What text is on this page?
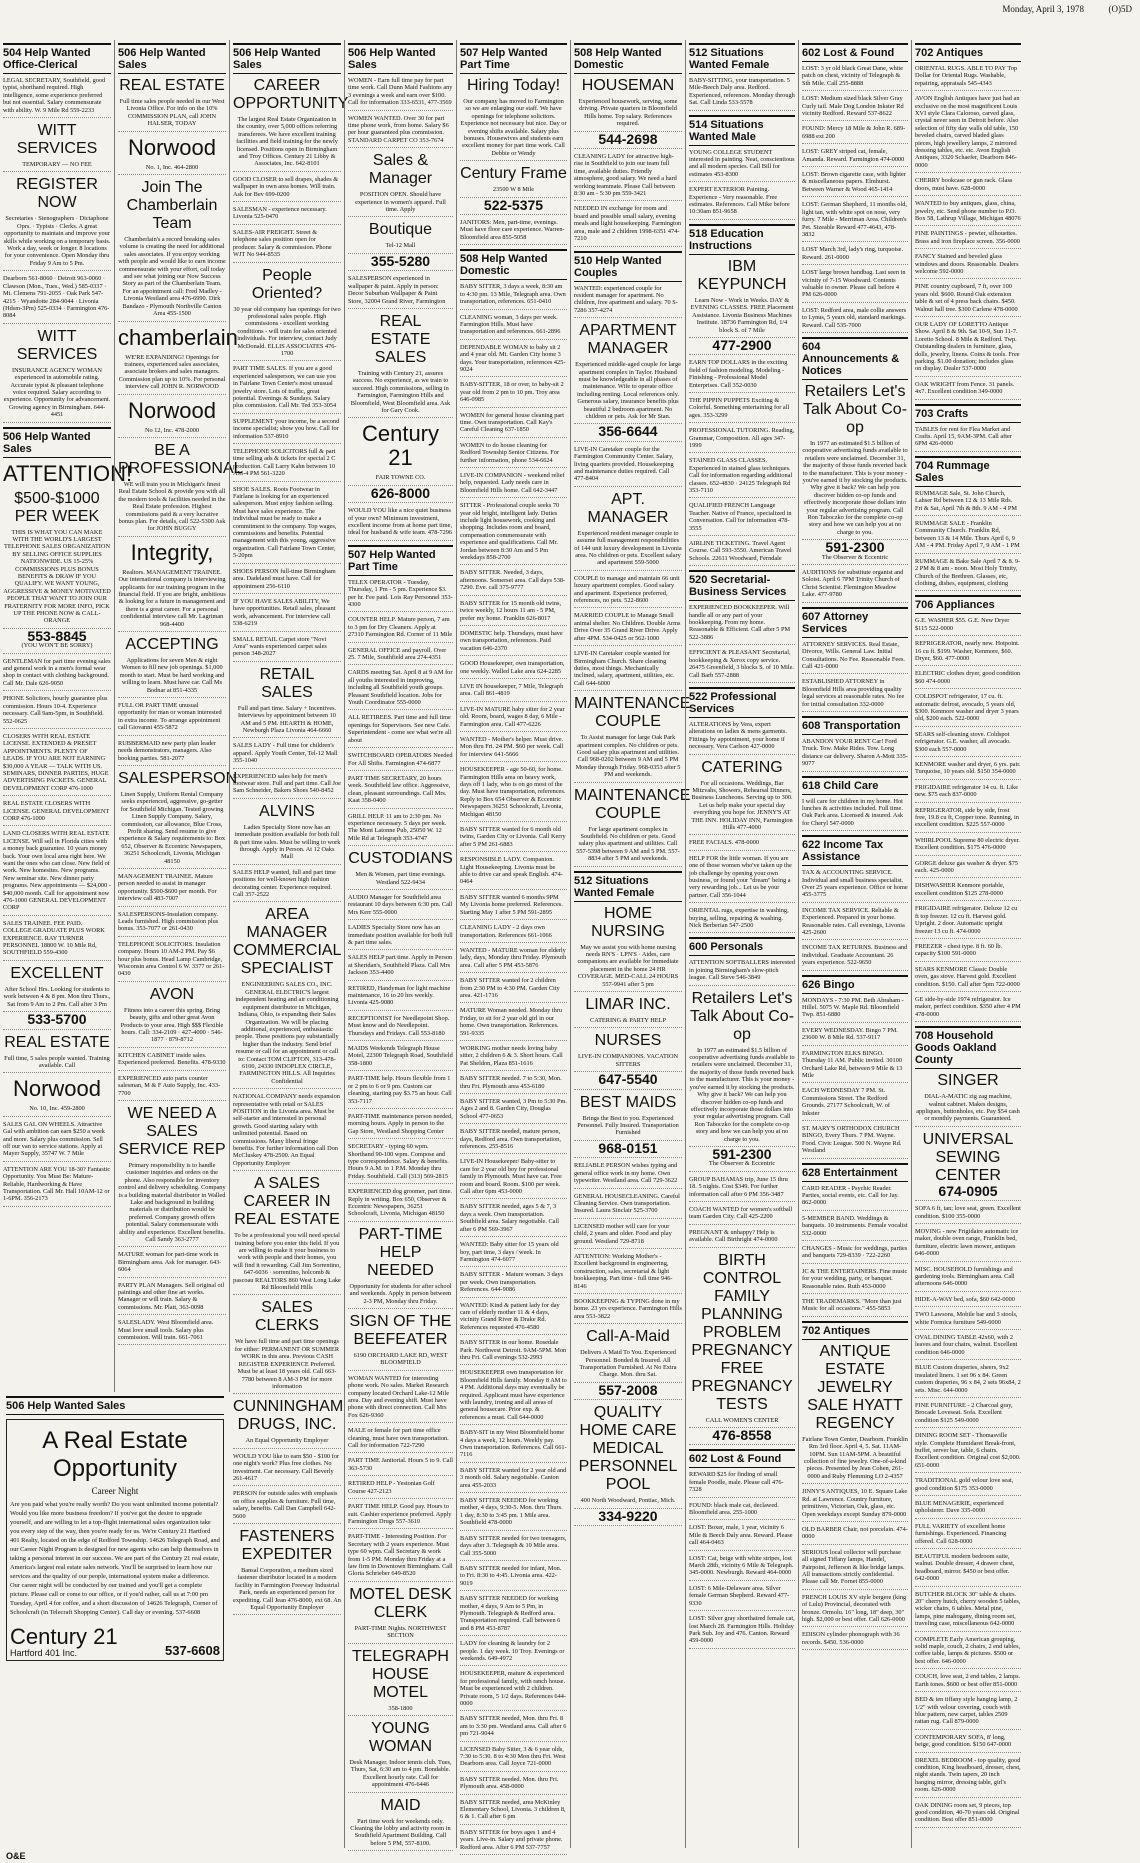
Monday, April 3, 1978	(O)5D
504 Help Wanted Office-Clerical
LEGAL SECRETARY, Southfield, good typist, shorthand required. High intelligence, some experience preferred but not essential. Salary commensurate with ability. W. 9 Mile Rd 559-2233
WITT SERVICES
TEMPORARY — NO FEE
REGISTER NOW
Secretaries · Stenographers · Dictaphone Oprs. · Typists · Clerks. A great opportunity to maintain and improve your skills while working on a temporary basis. Work a day, week or longer. 8 locations for your convenience. Open Monday thru Friday 9 Am to 5 Pm.
Dearborn 561-8060 · Detroit 963-0060 · Clawson (Mon., Tues., Wed.) 585-0337 · Mt. Clemens 791-2055 · Oak Park 547-4215 · Wyandotte 284-9044 · Livonia (Hdsm-3Pm) 525-0334 · Farmington 476-8084
WITT SERVICES
INSURANCE AGENCY WOMAN experienced in automobile rating. Accurate typist & pleasant telephone voice required. Salary according to experience. Opportunity for advancement. Growing agency in Birmingham. 644-4451
506 Help Wanted Sales
ATTENTION!
$500-$1000 PER WEEK
THIS IS WHAT YOU CAN MAKE WITH THE WORLD'S LARGEST TELEPHONE SALES ORGANIZATION BY SELLING OFFICE SUPPLIES NATIONWIDE. US 15-25% COMMISSIONS PLUS BONUS BENEFITS & DRAW IF YOU QUALIFY. WE WANT YOUNG, AGGRESSIVE & MONEY MOTIVATED PEOPLE THAT WANT TO JOIN OUR FRATERNITY FOR MORE INFO, PICK UP THE PHONE NOW & CALL-ORANGE
553-8845
(YOU WON'T BE SORRY)
GENTLEMAN for part time evening sales and general work in a men's formal wear shop in contact with clothing background. Call Mr. Dale 626-9050
PHONE Solicitors, hourly guarantee plus commission. Hours 10-4. Experience necessary. Call 9am-5pm, in Southfield. 552-0625
CLOSERS WITH REAL ESTATE LICENSE. EXTENDED & PRESET APPOINTMENTS. PLENTY OF LEADS. IF YOU ARE NOT EARNING $30,000 A YEAR — TALK WITH US. SEMINARS, DINNER PARTIES, HUGE ADVERTISING PACKETS. GENERAL DEVELOPMENT CORP 476-1000
REAL ESTATE CLOSERS WITH LICENSE. GENERAL DEVELOPMENT CORP 476-1000
LAND CLOSERS WITH REAL ESTATE LICENSE. Will sell in Florida cities with a money back guarantee. 10 years money back. Your own local area right here. We want the ones who can close. New field of work. New homesites. New programs. New seminar site. New dinner party programs. New appointments — $24,000 - $40,000 month. Call for appointment now 476-1000 GENERAL DEVELOPMENT CORP
SALES TRAINEE. FEE PAID. COLLEGE GRADUATE PLUS WORK EXPERIENCE. RAY TURNER PERSONNEL 18800 W. 10 Mile Rd, SOUTHFIELD 559-4300
EXCELLENT
After School Hrs. Looking for students to work between 4 & 8 pm. Mon thru Thurs., Sat from 9 Am to 2 Pm. Call after 3 Pm
533-5700
REAL ESTATE
Full time, 5 sales people wanted. Training available. Call
Norwood
No. 10, Inc. 459-2800
SALES GAL ON WHEELS. Attractive Gal with ambition can earn $250 a week and more. Salary plus commission. Sell off our van to service stations. Apply at Mayer Supply, 35747 W. 7 Mile
ATTENTION ARE YOU 18-30? Fantastic Opportunity. You Must Be: Mature-Reliable, Hardworking & Have Transportation. Call Mr. Hall 10AM-12 or 1-6PM. 356-2173
506 Help Wanted Sales
REAL ESTATE
Full time sales people needed in our West Livonia Office. For info on the 10% COMMISSION PLAN, call JOHN HALSER, TODAY
Norwood
No. 1, Inc. 464-2800
Join The Chamberlain Team
Chamberlain's a record breaking sales volume is creating the need for additional sales associates. If you enjoy working with people and would like to earn income commensurate with your effort, call today and see what joining our Now Success Story as part of the Chamberlain Team. For an appointment call: Fred Madley - Livonia Westland area 476-6990. Dirk Bandazo - Plymouth Northville Canton Area 455-1500
chamberlain
WE'RE EXPANDING! Openings for trainees, experienced sales associates, associate brokers and sales managers. Commission plan up to 10%. For personal interview call JOHN R. NORWOOD
Norwood
No 12, Inc. 478-2000
BE A PROFESSIONAL
WE will train you in Michigan's finest Real Estate School & provide you with all the modern tools & facilities needed in the Real Estate profession. Highest commissions paid & a very lucrative bonus plan. For details, call 522-5300 Ask for JOHN BUGGY
Integrity,
Realtors. MANAGEMENT TRAINEE. Our international company is interviewing applicants for our training program in the financial field. If you are bright, ambitious & looking for a future in management and there is a great career. For a personal confidential interview call Mr. Lagriman 968-4400
ACCEPTING
Applications for seven Men & eight Women to fill new job openings. $1,000 month to start. Must be hard working and willing to learn. Must have car. Call Ms Bodnar at 851-4335
FULL OR PART TIME unusual opportunity for man or woman interested in extra income. To arrange appointment call Giovanni 455-5872
RUBBERMAID new party plan leader needs demonstrators, managers. Also booking parties. 581-2077
SALESPERSON
Linen Supply, Uniform Rental Company seeks experienced, aggressive, go-getter for Southfield Michigan. Tested growing Linen Supply Company. Salary, commission, car allowance, Blue Cross, Profit sharing. Send resume to give experience & Salary requirements to: Box 652, Observer & Eccentric Newspapers, 36251 Schoolcraft, Livonia, Michigan 48150
MANAGEMENT TRAINEE. Mature person needed to assist in manager opportunity. $500-$600 per month. For interview call 483-7007
SALESPERSONS-Insulation company. Leads furnished. High commission plus bonus. 353-7077 or 261-0430
TELEPHONE SOLICITORS. Insulation company. Hours 10 AM-2 PM. Pay $6 hour plus bonus. Head Lamp Cambridge, Wisconsin area Control 6 W. 3377 or 261-0430
AVON
Fitness into a career this spring. Bring beauty, gifts and other great Avon Products to your area. High $$$ Flexible hours. Call: 334-2109 · 427-4000 · 546-1877 · 879-8712
KITCHEN CABINET inside sales. Experienced preferred. Benefits. 478-9330
EXPERIENCED auto parts counter salesman, M & F Auto Supply, Inc. 433-7700
WE NEED A SALES SERVICE REP
Primary responsibility is to handle customer inquiries and orders on the phone. Also responsible for inventory control and delivery scheduling. Company is a building material distributor in Walled Lake and background in building materials or distribution would be preferred. Company growth offers potential. Salary commensurate with ability and experience. Excellent benefits. Call Sandy 363-2777
MATURE woman for part-time work in Birmingham area. Ask for manager. 643-6064
PARTY PLAN Managers. Sell original oil paintings and other fine art works. Manager or will train. Salary & commissions. Mr. Platt, 363-0098
SALESLADY. West Bloomfield area. Must love small tools. Salary plus commission. Will train. 661-7061
506 Help Wanted Sales
CAREER OPPORTUNITY
The largest Real Estate Organization in the country, over 5,000 offices referring transferees. We have excellent training facilities and field training for the newly licensed. Positions open in Birmingham and Troy Offices. Century 21 Libby & Associates, Inc. 642-8101
GOOD CLOSER to sell drapes, shades & wallpaper in own area homes. Will train. Ask for Bev 699-0200
SALESMAN - experience necessary. Livonia 525-0470
SALES-AIR FREIGHT. Street & telephone sales position open for producer. Salary & commission. Phone WJT No 944-8535
People Oriented?
30 year old company has openings for two professional sales people. High commissions - excellent working conditions - will train for sales oriented individuals. For interview, contact Judy McDonald. ELLIS ASSOCIATES 476-1700
PART TIME SALES. If you are a good experienced salesperson, we can use you in Fairlane Town Center's most unusual jewelry store. Lots of traffic, great potential. Evenings & Sundays. Salary plus commission. Call Mr. Ted 353-3054
SUPPLEMENT your income, be a second income specialist; show you how. Call for information 537-8910
TELEPHONE SOLICITORS full & part time selling ads & tickets for special 2 C production. Call Larry Kahn between 10 AM-4 PM 561-3220
SHOE SALES. Roots Footwear in Fairlane is looking for an experienced salesperson. Must enjoy fashion selling. Must have sales experience. The individual must be ready to make a commitment to the company. Top wages, commissions and benefits. Potential management with this young, aggressive organization. Call Fairlane Town Center, 5-20pm
SHOES PERSON full-time Birmingham area. Dadeland must have. Call for appointment 256-6110
IF YOU HAVE SALES ABILITY, We have opportunities. Retail sales, pleasant work, advancement. For interview call 538-6219
SMALL RETAIL Carpet store "Novi Area" wants experienced carpet sales person 348-2027
RETAIL SALES
Full and part time. Salary + Incentives. Interviews by appointment between 10 AM and 5 PM. HEARTH & HOME, Newburgh Plaza Livonia 464-6660
SALES LADY - Full time for children's apparel. Apply Youth Center, Tel-12 Mall 355-1040
EXPERIENCED sales help for men's footwear store. Full and part time. Call Joe Sam Schneider, Bakers Shoes 540-8452
ALVINS
Ladies Specialty Store now has an immediate position available for both full & part time sales. Must be willing to work through. Apply in Person. At 12 Oaks Mall
SALES HELP wanted, full and part time positions for well-known high fashion decorating center. Experience required. Call 357-2522
AREA MANAGER COMMERCIAL SPECIALIST
ENGINEERING SALES CO., INC. GENERAL ELECTRIC'S largest independent heating and air conditioning equipment distributor in Michigan, Indiana, Ohio, is expanding their Sales Organization. We will be placing additional, experienced, enthusiastic people. These positions pay substantially higher than the industry. Send brief resume or call for an appointment or call to: Contact TOM CLIFTON, 313-478-6100, 24330 INDOPLEX CIRCLE, FARMINGTON HILLS. All Inquiries Confidential
NATIONAL COMPANY needs expansion representative with retail or SALES POSITION in the Livonia area. Must be self-starter and interested in personal growth. Good starting salary with unlimited potential. Based on commissions. Many liberal fringe benefits. For further information call Don McCluskey 478-2500. An Equal Opportunity Employer
A SALES CAREER IN REAL ESTATE
To be a professional you will need special training before you enter this field. If you are willing to make it your business to work with people and their homes, you will find it rewarding. Call Jim Sorrentino, 647-6036 · sorrentino, holcomb & pascoau REALTORS 860 West Long Lake Rd Bloomfield Hills
SALES CLERKS
We have full time and part time openings for either: PERMANENT OR SUMMER WORK in this area. Previous CASH REGISTER EXPERIENCE Preferred. Must be at least 18 years old. Call 663-7780 between 8 AM-3 PM for more information
CUNNINGHAM DRUGS, INC.
An Equal Opportunity Employer
WOULD YOU like to earn $50 - $100 for one night's work? Plus free clothes. No investment. Car necessary. Call Beverly 261-4617
PERSON for outside sales with emphasis on office supplies & furniture. Full time, salary, benefits. Call Dan Campbell 642-5600
FASTENERS EXPEDITER
Bansal Corporation, a medium sized fastener distributor located in a modern facility in Farmington Freeway Industrial Park, needs an experienced person for expediting. Call Jean 476-8000, ext 68. An Equal Opportunity Employer
506 Help Wanted Sales
WOMEN - Earn full time pay for part time work. Call Dunn Maid Fashions any 3 evenings a week and earn over $100. Call for information 333-6531, 477-3569
WOMEN WANTED. Over 30 for part time phone work, from home. Salary $6 per hour guaranteed plus commission. STANDARD CARPET CO 353-7674
Sales & Manager
POSITION OPEN. Should have experience in women's apparel. Full time. Apply
Boutique
Tel-12 Mall
355-5280
SALESPERSON experienced in wallpaper & paint. Apply in person: Decor Suburban Wallpaper & Paint Store, 32004 Grand River, Farmington
REAL ESTATE SALES
Training with Century 21, assures success. No experience, as we train to succeed. High commissions, selling in Farmington, Farmington Hills and Bloomfield, West Bloomfield area. Ask for Gary Cook.
Century 21
FAIR TOWNE CO.
626-8000
WOULD YOU like a nice quiet business of your own? Minimum investment, excellent income from at home part time, ideal for husband & wife team. 478-7296
507 Help Wanted Part Time
TELEX OPERATOR - Tuesday, Thursday, 1 Pm - 5 pm. Experience $3. per hr. Fee paid. Lois Ray Personnel 353-4300
COUNTER HELP. Mature person, 7 am to 3 pm for Dry Cleaners. Apply at 27310 Farmington Rd. Corner of 11 Mile
GENERAL OFFICE and payroll. Over 25. 7 Mile, Southfield area 274-4351
CARDS meeting Sat. April 8 at 9 AM for all youths interested in improving, including all Southfield youth groups. Pleasant Southfield location. Jobs for Youth Coordinator 555-0000
ALL RETIREES. Part time and full time openings for Supervisors. See new Cafe. Superintendent - come see what we're all about
SWITCHBOARD OPERATORS Needed For All Shifts. Farmington 474-6877
PART TIME SECRETARY, 20 hours week. Southfield law office. Aggressive, clean, pleasant surroundings. Call Mrs. Kaat 358-0400
GRILL HELP. 11 am to 2:30 pm. No experience necessary. 5 days per week. The Mont Latonne Pub, 25050 W. 12 Mile Rd at Telegraph 353-4747
CUSTODIANS
Men & Women, part time evenings. Westland 522-9434
AUDIO Manager for Southfield area restaurant 10 days between 6:30 pm. Call Mrs Kerr 555-0000
LADIES Specialty Store now has an immediate position available for both full & part time sales.
SALES HELP part time. Apply in Person at Sheridan's, Southfield Plaza. Call Mrs Jackson 353-4400
RETIRED, Handyman for light machine maintenance, 16 to 20 hrs weekly. Livonia 425-9080
RECEPTIONIST for Needlepoint Shop. Must know and do Needlepoint. Thursdays and Fridays. Call 553-8180
MAIDS Weekends Telegraph House Motel, 22300 Telegraph Road, Southfield 358-1800
PART-TIME help. Hours flexible from 1 or 2 pm to 6 or 9 pm. Custom car cleaning, starting pay $3.75 an hour. Call 353-7117
PART-TIME maintenance person needed, morning hours. Apply in person to the Gap Store, Westland Shopping Center
SECRETARY - typing 60 wpm. Shorthand 90-100 wpm. Compose and type correspondence. Salary & benefits. Hours 9 A.M. to 1 P.M. Monday thru Friday. Southfield. Call (313) 569-2815
EXPERIENCED dog groomer, part time. Reply in writing. Box 650, Observer & Eccentric Newspapers, 36251 Schoolcraft, Livonia, Michigan 48150
PART-TIME HELP NEEDED
Opportunity for students for after school and weekends. Apply in person between 2-3 PM, Monday thru Friday.
SIGN OF THE BEEFEATER
6190 ORCHARD LAKE RD, WEST BLOOMFIELD
WOMAN WANTED for interesting phone work. No sales. Market Research company located Orchard Lake-12 Mile area. Day and evening shift. Must have phone with direct connection. Call Mrs Fox 626-9360
MALE or female for part time office cleaning, must have own transportation. Call for information 722-7290
PART TIME Janitorial. Hours 5 to 9. Call 363-5730
RETIRED HELP - Yestonian Golf Course 427-2123
PART TIME HELP. Good pay. Hours to suit. Cashier experience preferred. Apply Farmington Drugs 557-3610
PART-TIME - Interesting Position. For Secretary with 2 years experience. Must type 60 wpm. Call Secretary & work from 1-5 PM. Monday thru Friday at a law firm in Downtown Birmingham. Call Gloria Schrieber 649-8520
MOTEL DESK CLERK
PART-TIME Nights. NORTHWEST SECTION
TELEGRAPH HOUSE MOTEL
358-1800
YOUNG WOMAN
Desk Manager. Indoor tennis club. Tues, Thurs, Sat, 6:30 am to 4 pm. Bondable. Excellent hourly rate. Call for appointment 476-6446
MAID
Part time work for weekends only. Cleaning the lobby and activity room in Southfield Apartment Building. Call before 5 PM, 557-8100.
507 Help Wanted Part Time
Hiring Today!
Our company has moved to Farmington so we are enlarging our staff. We have openings for telephone solicitors. Experience not necessary but nice. Day or evening shifts available. Salary plus bonuses. Housewives and students earn excellent money for part time work. Call Debbie or Wendy
Century Frame
23500 W 8 Mile
522-5375
JANITORS: Men, part-time, evenings. Must have floor care experience. Warren-Bloomfield area 855-5058
508 Help Wanted Domestic
BABY SITTER, 3 days a week, 8:30 am to 4:30 pm. 13 Mile, Telegraph area. Own transportation, references. 651-0410
CLEANING woman, 3 days per week. Farmington Hills. Must have transportation and references. 661-2896
DEPENDABLE WOMAN to baby sit 2 and 4 year old. Mt. Garden City home 3 days. Your transportation, references 425-9024
BABY-SITTER, 18 or over, to baby-sit 2 year old from 2 pm to 10 pm. Troy area 646-0985
WOMEN for general house cleaning part time. Own transportation. Call Kay's Careful Cleaning 637-1850
WOMEN to do house cleaning for Redford Township Senior Citizens. For further information, phone 534-6624
LIVE-IN COMPANION - weekend relief help, requested. Lady needs care in Bloomfield Hills home. Call 642-3447
SITTER - Professional couple seeks 70 year old bright, intelligent lady. Duties include light housework, cooking and shopping. Includes room and board, compensation commensurate with experience and qualifications. Call Mr. Jordan between 8:30 Am and 5 Pm weekdays 858-2700
BABY SITTER. Needed, 3 days, afternoons. Somerset area. Call days 538-7290. Eve. call 375-9777
BABY SITTER for 15 month old twins, twice weekly, 12 hours 11 am - 5 PM, prefer my home. Franklin 626-8017
DOMESTIC help. Thursdays, must have own transportation, references. Paid vacation 646-2370
GOOD Housekeeper, own transportation, one weekly. Walled Lake area 624-2285
LIVE IN housekeeper, 7 Mile, Telegraph area. Call 861-4819
LIVE-IN MATURE baby sitter for 2 year old. Room, board, wages 8 day, 6 Mile - Farmington area. Call 477-6226
WANTED - Mother's helper. Must drive. Mon thru Fri. 24 PM. $60 per week. Call for interview 641-5666
HOUSEKEEPER - age 50-60, for home. Farmington Hills area on heavy work, days off 1 lady, who is on go most of the day. Must have transportation, references. Reply to Box 654 Observer & Eccentric Newspapers 36251 Schoolcraft, Livonia, Michigan 48150
BABY SITTER wanted for 6 month old twins, Garden City or Livonia. Call Kerry after 5 PM 261-6883
RESPONSIBLE LADY. Companion. Light Housekeeping. Livonia must be able to drive car and speak English. 474-0464
BABY SITTER wanted 6 months 9PM My Livonia home preferred. References. Starting May 1 after 5 PM 591-2895
CLEANING LADY - 2 days own transportation. References 661-1066
WANTED - MATURE woman for elderly lady, days, Monday thru Friday. Plymouth area. Call after 5 PM 453-5876
BABY SITTER wanted for 2 children from 2:30 PM to 4:30 PM. Garden City area. 421-1716
MATURE Woman needed. Monday thru Friday, to sit for 2 year old girl in our home. Own transportation. References. 591-9335
WORKING mother needs loving baby sitter, 2 children 6 & 3. Short hours. Call Pat Sheldon, Plaza 851-1616
BABY SITTER needed. 7 to 5:30, Mon. thru Fri. Plymouth area 453-6180
BABY SITTER wanted, 3 Pm to 5:30 Pm. Ages 2 and 8. Garden City, Douglas School 477-0653
BABY SITTER needed, mature person, days, Redford area. Own transportation, references. 255-8516
LIVE-IN Housekeeper/ Baby-sitter to care for 2 year old boy for professional family in Plymouth. Must have car. Free room and board. Room. $100 per week. Call after 6pm 453-0000
BABY SITTER needed, ages 5 & 7, 3 days a week. Own transportation. Southfield area. Salary negotiable. Call after 6 PM 569-3967
WANTED: Baby sitter for 15 years old boy, part time, 3 days / week. In Farmington 474-6077
BABY SITTER - Mature woman. 3 days per week. Own transportation. References. 644-9086
WANTED: Kind & patient lady for day care of elderly mother 11 & 4 days, vicinity Grand River & Drake Rd. References requested 476-4580
BABY SITTER in our home. Rosedale Park. Northwest Detroit. 9AM-5PM. Mon thru Fri. Call evenings 532-2993
HOUSEKEEPER own transportation for Bloomfield Hills family. Monday 8 AM to 4 PM. Additional days may eventually be required. Applicant must have experience with laundry, ironing and all areas of general housecare. Prior exp. & references a must. Call 644-0000
BABY-SIT in my West Bloomfield home 4 days a week, 12 hours. Weekly pay. Own transportation. References. Call 661-7116
BABY SITTER wanted for 2 year old and 3 month old. Salary negotiable. Canton area 455-2033
BABY SITTER NEEDED for working mother, 4 days, 9:30-5. Mon. thru Thurs. 1 day, 8:30 to 3:45 pm. 1 Mile area. Southfield 478-0000
BABY SITTER needed for two teenagers, days after 3. Telegraph & 10 Mile area. Call 355-5000
BABY SITTER needed for infant, Mon. to Fri. 8:30 to 4:45. Livonia area. 422-9019
BABY SITTER NEEDED for working mother, 4 days, 9 Am to 5 Pm, in Plymouth. Telegraph & Redford area. Transportation required. Call between 6 and 8 PM 453-8787
LADY for cleaning & laundry for 2 people. 1 day week. 10 Troy. Evenings or weekends. 649-4972
HOUSEKEEPER, mature & experienced for professional family, with ranch house. Must be experienced with 2 children. Private room, 5 1/2 days. References 644-0000
BABY SITTER needed, Mon. thru Fri. 8 am to 3:30 pm. Westland area. Call after 6 pm 721-9044
LICENSED Baby Sitter, 3 & 6 year olds, 7:30 to 5:30. 8 to 4:30 Mon thru Fri. West Dearborn area. Call Joyce 721-0000
BABY SITTER needed. Mon. thru Fri. Plymouth area. 458-0000
BABY SITTER needed, area McKinley Elementary School, Livonia. 3 children 8, 6 & 1. Call after 6 pm
BABY SITTER for boys ages 1 and 4 years. Live-in. Salary and private phone. Redford area. After 6 PM 537-7757
508 Help Wanted Domestic
HOUSEMAN
Experienced housework, serving, some driving. Private quarters in Bloomfield Hills home. Top salary. References required.
544-2698
CLEANING LADY for attractive high-rise in Southfield to join our team full time, available duties. Friendly atmosphere, good salary. We need a hard working teammate. Please Call between 8:30 am - 5:30 pm 559-3421
NEEDED IN exchange for room and board and possible small salary, evening meals and light housekeeping. Farmington area, male and 2 children 1998-6351 474-7210
510 Help Wanted Couples
WANTED: experienced couple for resident manager for apartment. No children, free apartment and salary. 70 S-7286 357-4274
APARTMENT MANAGER
Experienced middle-aged couple for large apartment complex in Taylor. Husband must be knowledgeable in all phases of maintenance. Wife to operate office including renting. Local references only. Generous salary, insurance benefits plus beautiful 2 bedroom apartment. No children or pets. Ask for Mr Stan.
356-6644
LIVE-IN Caretaker couple for the Farmington Community Center. Salary, living quarters provided. Housekeeping and maintenance duties required. Call 477-8404
APT. MANAGER
Experienced resident manager couple to assume full management responsibilities of 144 unit luxury development in Livonia area. No children or pets. Excellent salary and apartment 559-5000
COUPLE to manage and maintain 66 unit luxury apartment complex. Good salary and apartment. Experience preferred, references, no pets. 522-8600
MARRIED COUPLE to Manage Small animal shelter. No Children. Double Arms Drive Over 35 Grand River Drive. Apply after 4PM. 534-0425 or 562-1000
LIVE-IN Caretaker couple wanted for Birmingham Church. Share cleaning duties, most things. Mechanically inclined, salary, apartment, utilities, etc. Call 644-6000
MAINTENANCE COUPLE
To Assist manager for large Oak Park apartment complex. No children or pets. Good salary plus apartment and utilities. Call 968-0202 between 9 AM and 5 PM Monday through Friday. 968-0353 after 5 PM and weekends.
MAINTENANCE COUPLE
For large apartment complex in Southfield. No children or pets. Good salary plus apartment and utilities. Call 557-5398 between 9 AM and 5 PM. 557-8834 after 5 PM and weekends.
512 Situations Wanted Female
HOME NURSING
May we assist you with home nursing needs RN'S · LPN'S · Aides, care companions are available for immediate placement in the home 24 HR COVERAGE. MED-CALL 24 HOURS 557-9941 after 5 pm
LIMAR INC.
CATERING & PARTY HELP
NURSES
LIVE-IN COMPANIONS. VACATION SITTERS
647-5540
BEST MAIDS
Brings the Best to you. Experienced Personnel. Fully Insured. Transportation Furnished
968-0151
RELIABLE PERSON wishes typing and general office work in my home. Own typewriter. Westland area. Call 729-3622
GENERAL HOUSECLEANING. Careful Cleaning Service. Own transportation. Insured. Laura Sinclair 525-3700
LICENSED mother will care for your child, 2 years and older. Food and play ground. Westland 729-8718
ATTENTION: Working Mother's - Excellent background in engineering, construction, sales, secretarial & light bookkeeping. Part time - full time 946-8146
BOOKKEEPING & TYPING done in my home. 23 yrs experience. Farmington Hills area 553-3822
Call-A-Maid
Delivers A Maid To You. Experienced Personnel. Bonded & Insured. All Transportation Furnished. At No Extra Charge. Mon. thru Sat.
557-2008
QUALITY HOME CARE MEDICAL PERSONNEL POOL
400 North Woodward, Pontiac, Mich.
334-9220
512 Situations Wanted Female
BABY-SITTING, your transportation. 5 Mile-Beech Daly area. Redford. Experienced, references. Monday through Sat. Call Linda 533-5578
514 Situations Wanted Male
YOUNG COLLEGE STUDENT interested in painting. Neat, conscientious and all modern species. Call Bill for estimates 453-8300
EXPERT EXTERIOR Painting. Experience - Very reasonable. Free estimates. References. Call Mike before 10:30am 851-9658
518 Education Instructions
IBM KEYPUNCH
Learn Now - Work in Weeks. DAY & EVENING CLASSES. FREE Placement Assistance. Livonia Business Machines Institute. 18736 Farmington Rd, 1/4 block S. of 7 Mile
477-2900
EARN TOP DOLLARS in the exciting field of fashion modeling. Modeling - Finishing - Professional Model Enterprises. Call 352-0030
THE PIPPIN PUPPETS Exciting & Colorful. Something entertaining for all ages. 353-3299
PROFESSIONAL TUTORING. Reading, Grammar, Composition. All ages 347-1999
STAINED GLASS CLASSES. Experienced in stained glass techniques. Call for information regarding additional classes. 652-4830 · 24125 Telegraph Rd 353-7110
QUALIFIED FRENCH Language Teacher. Native of France, specialized in Conversation. Call for information 478-3555
AIRLINE TICKETING. Travel Agent Course. Call 593-3550. American Travel Schools. 22611 Woodward, Ferndale
520 Secretarial-Business Services
EXPERIENCED BOOKKEEPER. Will handle all or any part of your bookkeeping. From my home. Reasonable & Efficient. Call after 5 PM 522-3886
EFFICIENT & PLEASANT Secretarial, bookkeeping & Xerox copy service. 26475 Greenfield, 3 blocks S. of 10 Mile. Call Barb 557-2888
522 Professional Services
ALTERATIONS by Vera, expert alterations on ladies & mens garments. Fittings by appointment, your home if necessary. Vera Carlson 427-0000
CATERING
For all occasions. Weddings, Bar Mitzvahs, Showers, Rehearsal Dinners, Business Luncheons. Serving up to 300. Let us help make your special day everything you hope for. JENNY'S AT THE INN. HOLIDAY INN, Farmington Hills 477-4000
FREE FACIALS. 478-0000
HELP FOR the little woman. If you are one of those women who've taken up the job challenge by opening your own business, or found your "dream" being a very rewarding job... Let us be your partner. Call 356-1044
ORIENTAL rugs, expertise in washing, buying, selling, repairing & washing. Nick Berberian 547-2500
600 Personals
ATTENTION SOFTBALLERS interested in joining Birmingham's slow-pitch league. Call Steve 546-3849
Retailers Let's Talk About Co-op
In 1977 an estimated $1.5 billion of cooperative advertising funds available to retailers were unclaimed. December 31, the majority of those funds reverted back to the manufacturer. This is your money - you've earned it by stocking the products. Why give it back? We can help you discover hidden co-op funds and effectively incorporate those dollars into your regular advertising program. Call Ron Taboczko for the complete co-op story and how we can help you at no charge to you.
591-2300
The Observer & Eccentric
GROUP BAHAMAS trip, June 15 thru 18. 5 nights. Cost $349. For further information call after 6 PM 356-3487
COACH WANTED for women's softball team Garden City. Call 425-2200
PREGNANT & unhappy? Help is available. Call Birthright 474-0000
BIRTH CONTROL FAMILY PLANNING PROBLEM PREGNANCY FREE PREGNANCY TESTS
CALL WOMEN'S CENTER
476-8558
602 Lost & Found
REWARD $25 for finding of small female Poodle, male. Please call 476-7328
FOUND: black male cat, declawed. Bloomfield area. 255-1000
LOST: Boxer, male, 1 year, vicinity 6 Mile & Beech Daly area. Reward. Please call 464-0463
LOST: Cat, beige with white stripes, lost March 28th, vicinity 6 Mile & Telegraph. 345-0000. Newburgh. Reward 464-0000
LOST: 6 Mile-Delaware area. Silver female German Shepherd. Reward 477-9330
LOST: Silver gray shorthaired female cat, lost March 28. Farmington Hills. Holiday Park Sub. Joy and 476. Canton. Reward 459-0000
602 Lost & Found
LOST: 3 yr old black Great Dane, white patch on chest, vicinity of Telegraph & Sth Mile. Call 255-8888
LOST: Medium sized black Silver Gray Curly tail. Male Dog London Inkster Rd vicinity Redford. Reward 537-8622
FOUND: Mercy 18 Mile & John R. 689-6988 ext 200
LOST: GREY striped cat, female, Amanda. Reward. Farmington 474-0000
LOST: Brown cigarette case, with lighter & miscellaneous papers. Elmhurst. Between Warner & Wood 465-1414
LOST: German Shepherd, 11 months old, light tan, with white spot on nose, very furry. 7 Mile - Merriman Area. Children's Pet. Sizeable Reward 477-4643, 478-3832
LOST March 3rd, lady's ring, turquoise. Reward. 261-0000
LOST large brown handbag. Last seen in vicinity of 7-15 Woodward. Contents valuable to owner. Please call before 4 PM 626-0000
LOST: Redford area, male collie answers to Lynus, 5 years old, standard markings. Reward. Call 535-7000
604 Announcements & Notices
Retailers Let's Talk About Co-op
In 1977 an estimated $1.5 billion of cooperative advertising funds available to retailers were unclaimed. December 31, the majority of those funds reverted back to the manufacturer. This is your money - you've earned it by stocking the products. Why give it back? We can help you discover hidden co-op funds and effectively incorporate those dollars into your regular advertising program. Call Ron Taboczko for the complete co-op story and how we can help you at no charge to you.
591-2300
The Observer & Eccentric
AUDITIONS for substitute organist and Soloist. April 6 7PM Trinity Church of Christ Scientist. Flemington Meadow Lake. 477-9780
607 Attorney Services
ATTORNEY SERVICES. Real Estate, Divorce, Wills. General Law. Initial Consultations. No Fee. Reasonable Fees. Call 421-0000
ESTABLISHED ATTORNEY in Bloomfield Hills area providing quality legal services at reasonable rates. No fee for initial consultation 332-0000
608 Transportation
ABANDON YOUR RENT Car! Ford Truck. Tow. Make Rides. Tow. Long distance car delivery. Sharon A-Mott 335-9077
618 Child Care
I will care for children in my home. Hot lunches & activities included. Full time. Oak Park area. Licensed & insured. Ask for Cheryl 547-0000
622 Income Tax Assistance
TAX & ACCOUNTING SERVICE. Individual and small business specialist. Over 25 years experience. Office or home 455-3775
INCOME TAX SERVICE. Reliable & Experienced. Prepared in your home. Reasonable rates. Call evenings, Livonia 425-2600
INCOME TAX RETURNS. Business and individual. Graduate Accountant. 26 years experience. 522-9650
626 Bingo
MONDAYS - 7:30 PM. Beth Abraham - Hillel. 5075 W. Maple Rd. Bloomfield Twp. 851-6880
EVERY WEDNESDAY. Bingo 7 PM. 23600 W. 8 Mile Rd. 537-9117
FARMINGTON ELKS BINGO. Thursday 11 AM. Public invited. 30100 Orchard Lake Rd, between 9 Mile & 13 Mile
EACH WEDNESDAY 7 PM. St. Commissions Street. The Redford Grounds. 27177 Schoolcraft, W. of Inkster
ST. MARY'S ORTHODOX CHURCH BINGO, Every Thurs. 7 PM. Wayne. Food. Civic League. 500 N. Wayne Rd. Westland
628 Entertainment
CARD READER - Psychic Reader. Parties, social events, etc. Call for Jay. 862-0000
5-MEMBER BAND. Weddings & banquets. 10 instruments. Female vocalist 532-0000
CHANGES - Music for weddings, parties and banquets 729-8339 · 722-2260
JC & THE ENTERTAINERS. Fine music for your wedding, party, or banquet. Reasonable rates. Ruth 453-0000
THE TRADEMARKS. "More than just Music for all occasions." 455-5853
702 Antiques
ANTIQUE ESTATE JEWELRY SALE HYATT REGENCY
Fairlane Town Center, Dearborn. Franklin Rm 3rd floor. April 4, 5. Sat. 11AM-10PM. Sun 11AM-5PM. A beautiful collection of fine jewelry. One-of-a-kind pieces. Presented by Jean Cohen, 261-0000 and Ruby Flemming LO 2-4357
JINNY'S ANTIQUES, 10 E. Square Lake Rd. at Lawrence. Country furniture, primitives, Victorian, Oak, glass, etc. Open weekdays except Sunday 879-0000
OLD BARBER Chair, not porcelain. 474-0000
SERIOUS local collector will purchase all signed Tiffany lamps, Handel, Pairpoint, Jefferson & like bridge lamps. All transactions strictly confidential. Please call Mr. Fornet 855-0000
FRENCH LOUIS XV style bergere (king of Lulu) Provincial, decorated with bronze. Ormolu. 16" long, 18" deep, 30" high. $2,000 or best offer. Call 626-0000
EDISON cylinder phonograph with 36 records. $450. 536-0000
702 Antiques
ORIENTAL RUGS. ABLE TO PAY Top Dollar for Oriental Rugs. Washable, repairing, appraisals 545-4343
AVON English Antiques have just had an exclusive on the most magnificent Louis XVI style Clara Caloroso, carved glass, crystal never seen in Detroit before. Also selection of fifty day walls old table, 150 beveled chairs, carved bladed glass pieces, high jewellery lamps, 2 mirrored dressing tables, etc. etc. Avon English Antiques, 3320 Schaefer, Dearborn 846-0000
CHERRY bookcase or gun rack. Glass doors, must have. 628-0000
WANTED to buy antiques, glass, china, jewelry, etc. Send phone number to P.O. Box 58, Lathrup Village, Michigan 48076
FINE PAINTINGS - pewter, silhouettes. Brass and iron fireplace screen. 356-0000
FANCY Stained and beveled glass windows and doors. Reasonable. Dealers welcome 592-0000
PINE country cupboard, 7 ft, over 100 years old. $600. Round Oak extension table & set of 4 press back chairs. $450. Walnut hall tree. $300 Carlene 478-0000
OUR LADY OF LORETTO Antique Show. April 8 & 9th. Sat 10-9, Sun 11-7. Loretto School. 8 Mile & Redford. Twp. Outstanding dealers in furniture, glass, dolls, jewelry, linens. Coins & tools. Free parking. $1.00 donation; includes glass on display. Dealer 537-0000
OAK WRIGHT from Fence. 31 panels. 4x7. Excellent condition 349-0000
703 Crafts
TABLES for rent for Flea Market and Crafts. April 15, 9AM-3PM. Call after 6PM 426-0000
704 Rummage Sales
RUMMAGE Sale, St. John Church, Lahser Rd between 12 & 13 Mile Rds. Fri & Sat, April 7th & 8th. 9 AM - 4 PM
RUMMAGE SALE - Franklin Community Church. Franklin Rd, between 13 & 14 Mile. Thurs April 6, 9 AM - 4 PM. Friday April 7, 9 AM - 1 PM
RUMMAGE & Bake Sale April 7 & 8. 9-2 PM & 8 am - noon. Most Holy Trinity, Church of the Brethren. Glasses, etc, clothing, dishes, equipment, clothing
706 Appliances
G.E. WASHER $55. G.E. New Dryer $115 522-0000
REFRIGERATOR, nearly new. Hotpoint. 16 cu ft. $199. Washer, Kenmore, $60. Dryer, $60. 477-0000
ELECTRIC clothes dryer, good condition $60 474-0000
COLDSPOT refrigerator, 17 cu. ft. automatic defrost, avocado, 5 years old, $300. Kenmore washer and dryer 3 years old, $200 each. 522-0000
SEARS self-cleaning stove. Coldspot refrigerator. G.E. washer, all avocado. $300 each 557-0000
KENMORE washer and dryer, 6 yrs. pair. Turquoise, 10 years old. $150 354-0000
FRIGIDAIRE refrigerator 14 cu. ft. Like new. $75 each 837-0000
REFRIGERATOR, side by side, frost free, 19.8 cu ft, Copper tone. Running, in excellent condition. $225 557-0000
WHIRLPOOL Supreme 80 electric dryer. Excellent condition. $175 476-0000
GORGE deluxe gas washer & dryer. $75 each. 425-0000
DISHWASHER Kenmore portable, excellent condition $125 278-0000
FRIGIDAIRE refrigerator. Deluxe 12 cu ft top freezer. 12 cu ft. Harvest gold. Upright. 2 door. Automatic upright freezer 13 cu ft. 474-0000
FREEZER - chest type. 8 ft. 60 lb. capacity $100 591-0000
SEARS KENMORE Classic Double oven, gas stove. Harvest gold. Excellent condition. $150. Call after 5pm 722-0000
GE side-by-side 1974 refrigerator. Ice maker, perfect condition. $350 after 4 PM 478-0000
708 Household Goods Oakland County
SINGER
DIAL-A-MATIC zig zag machine, walnut cabinet. Makes designs, appliques, buttonholes, etc. Pay $54 cash or monthly payments. Guaranteed.
UNIVERSAL SEWING CENTER
674-0905
SOFA 6 ft, tan; love seat, green. Excellent condition. $100 355-0000
MOVING - new Frigidaire automatic ice maker, double oven range, Franklin bed, furniture, electric lawn mower, antiques 646-0000
MISC. HOUSEHOLD furnishings and gardening tools. Birmingham area. Call afternoons 646-0000
HIDE-A-WAY bed, sofa, $60 642-0000
TWO Lawsons, Mobile bar and 3 stools, white Formica furniture 549-0000
OVAL DINING TABLE 42x60, with 2 leaves and four chairs, walnut. Excellent condition 646-0000
BLUE Custom draperies, sheers, 9x2 insulated liners. 1 set 96 x 84. Green custom draperies, 96 x 84, 2 sets 96x84, 2 sets. Misc. 644-0000
FINE FURNITURE - 2 Charcoal gray, Brocade Loveseat. Sofa. Excellent condition $125 549-0000
DINING ROOM SET - Thomasville style. Complete Humidaret Break-front, buffet, server bar, table, 6 chairs. Excellent condition. Original cost $2,000. 651-0000
TRADITIONAL gold velour love seat, good condition $175 353-0000
BLUE MENAGERIE, experienced upholsterer. Dave 335-0000
FULL VARIETY of excellent home furnishings. Experienced. Financing offered. Call 628-0000
BEAUTIFUL modern bedroom suite, walnut. Double dresser, 4 drawer chest, headboard, mirror. $450 or best offer. 642-0000
BUTCHER BLOCK 30" table & chairs. 20" cherry hutch, cherry wooden 5 tables, wicker chairs, 6 tables. Metal pine, lamps, pine mahogany, dining room set, traveling case, miscellaneous 642-0000
COMPLETE Early American grouping, solid maple, couch, 2 chairs, 2 end tables, coffee table, lamps & pictures. $500 or best offer. 646-0000
COUCH, love seat, 2 end tables, 2 lamps. Earth tones. $600 or best offer 851-0000
BED & ten tiffany style hanging lamp, 2 1/2" with velour covering, couch with blue pattern, new carpet, tables 2509 rattan rug. Call 879-0000
CONTEMPORARY SOFA, 8' long, beige, good condition. $150 647-0000
DREXEL BEDROOM - top quality, good condition, King headboard, dresser, chest, night stands. Twin tapers, 20 inch hanging mirror, dressing table, girl's room. 626-0000
OAK DINING room set, 9 pieces, top good condition, 40-70 years old. Original condition. Best offer 851-0000
506 Help Wanted Sales
A Real Estate Opportunity
Career Night
Are you paid what you're really worth? Do you want unlimited income potential? Would you like more business freedom? If you've got the desire to upgrade yourself, and are willing to let a top-flight international sales organization take you every step of the way, then you're ready for us. We're Century 21 Hartford 401 Realty, located on the edge of Redford Township. 14626 Telegraph Road, and our Career Night Program is designed for new agents who can help themselves in taking a personal interest in our success. We are part of the Century 21 real estate, America's largest real estate sales network. You'll be surprised to learn how our services and the quality of our people, international system make a difference. Our career night will be conducted by our trained and you'll get a complete picture. Please call or come to our office, or if you'd rather, call us at 7:00 pm Tuesday, April 4 for coffee, and a short discussion of 14626 Telegraph, Corner of Schoolcraft (in Telecraft Shopping Center). Call day or evening. 537-6608
Century 21
Hartford 401 Inc.	537-6608
O&E
